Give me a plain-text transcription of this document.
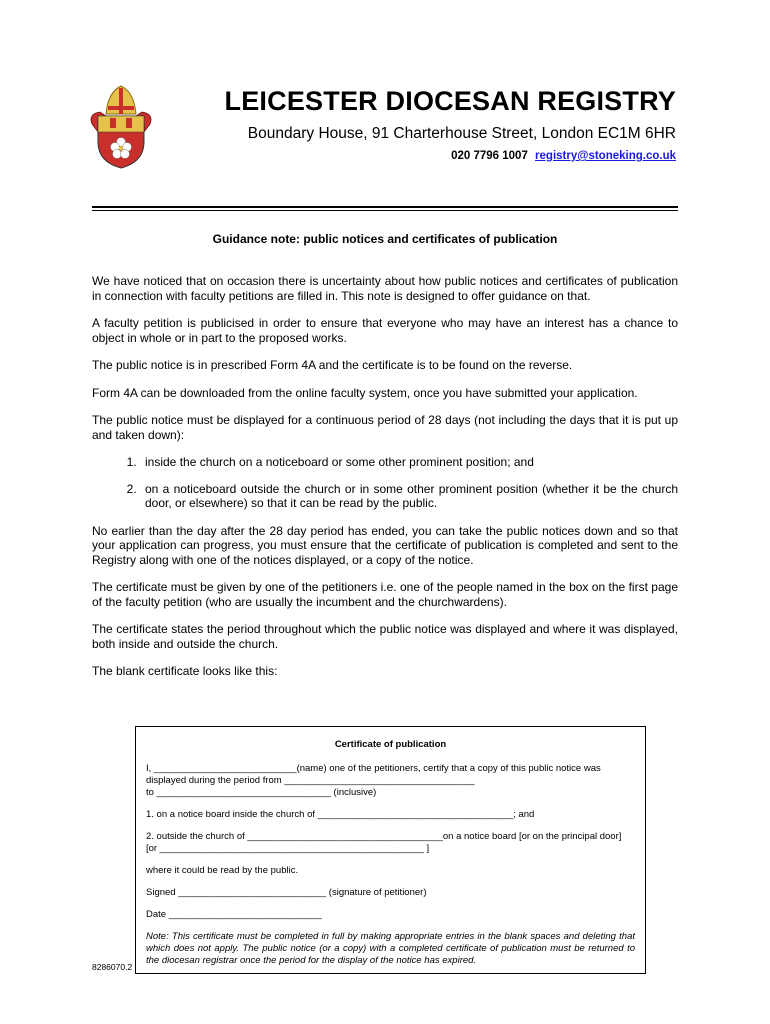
LEICESTER DIOCESAN REGISTRY
Boundary House, 91 Charterhouse Street, London EC1M 6HR
020 7796 1007 registry@stoneking.co.uk
Guidance note: public notices and certificates of publication

We have noticed that on occasion there is uncertainty about how public notices and certificates of publication in connection with faculty petitions are filled in. This note is designed to offer guidance on that.

A faculty petition is publicised in order to ensure that everyone who may have an interest has a chance to object in whole or in part to the proposed works.

The public notice is in prescribed Form 4A and the certificate is to be found on the reverse.

Form 4A can be downloaded from the online faculty system, once you have submitted your application.

The public notice must be displayed for a continuous period of 28 days (not including the days that it is put up and taken down):

1. inside the church on a noticeboard or some other prominent position; and
2. on a noticeboard outside the church or in some other prominent position (whether it be the church door, or elsewhere) so that it can be read by the public.

No earlier than the day after the 28 day period has ended, you can take the public notices down and so that your application can progress, you must ensure that the certificate of publication is completed and sent to the Registry along with one of the notices displayed, or a copy of the notice.

The certificate must be given by one of the petitioners i.e. one of the people named in the box on the first page of the faculty petition (who are usually the incumbent and the churchwardens).

The certificate states the period throughout which the public notice was displayed and where it was displayed, both inside and outside the church.

The blank certificate looks like this:

Certificate of publication
I, ___________________________(name) one of the petitioners, certify that a copy of this public notice was displayed during the period from ____________________________________
to _________________________________ (inclusive)
1. on a notice board inside the church of _____________________________________; and
2. outside the church of _____________________________________on a notice board [or on the principal door] [or __________________________________________________ ]
where it could be read by the public.
Signed ____________________________ (signature of petitioner)
Date _____________________________
Note: This certificate must be completed in full by making appropriate entries in the blank spaces and deleting that which does not apply. The public notice (or a copy) with a completed certificate of publication must be returned to the diocesan registrar once the period for the display of the notice has expired.
8286070.2
